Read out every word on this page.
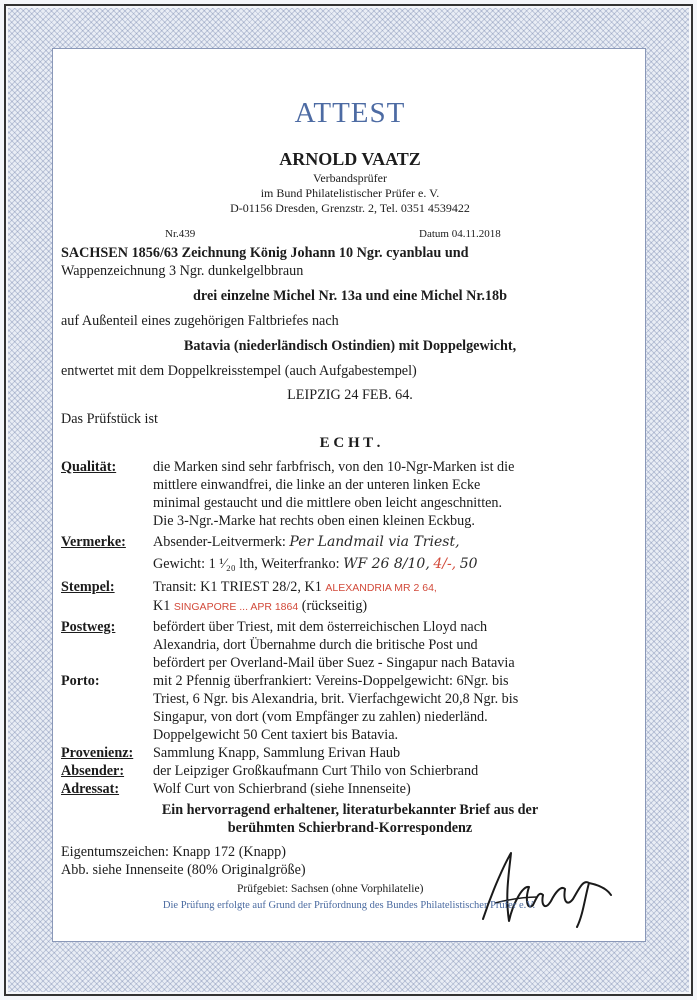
ATTEST
ARNOLD VAATZ
Verbandsprüfer
im Bund Philatelistischer Prüfer e. V.
D-01156 Dresden, Grenzstr. 2, Tel. 0351 4539422
Nr.439	Datum 04.11.2018
SACHSEN 1856/63 Zeichnung König Johann 10 Ngr. cyanblau und
Wappenzeichnung 3 Ngr. dunkelgelbbraun
drei einzelne Michel Nr. 13a und eine Michel Nr.18b
auf Außenteil eines zugehörigen Faltbriefes nach
Batavia (niederländisch Ostindien) mit Doppelgewicht,
entwertet mit dem Doppelkreisstempel (auch Aufgabestempel)
LEIPZIG 24 FEB. 64.
Das Prüfstück ist
E C H T .
Qualität:	die Marken sind sehr farbfrisch, von den 10-Ngr-Marken ist die
mittlere einwandfrei, die linke an der unteren linken Ecke
minimal gestaucht und die mittlere oben leicht angeschnitten.
Die 3-Ngr.-Marke hat rechts oben einen kleinen Eckbug.
Vermerke: Absender-Leitvermerk: Per Landmail via Triest,
Gewicht: 1 ¹⁄₂₀ lth, Weiterfranko: WF 26 8/10, 4/-, 50
Stempel:	Transit: K1 TRIEST 28/2, K1 ALEXANDRIA MR 2 64,
K1 SINGAPORE ... APR 1864 (rückseitig)
Postweg:	befördert über Triest, mit dem österreichischen Lloyd nach
Alexandria, dort Übernahme durch die britische Post und
befördert per Overland-Mail über Suez - Singapur nach Batavia
Porto:	mit 2 Pfennig überfrankiert: Vereins-Doppelgewicht: 6Ngr. bis
Triest, 6 Ngr. bis Alexandria, brit. Vierfachgewicht 20,8 Ngr. bis
Singapur, von dort (vom Empfänger zu zahlen) niederländ.
Doppelgewicht 50 Cent taxiert bis Batavia.
Provenienz: Sammlung Knapp, Sammlung Erivan Haub
Absender: der Leipziger Großkaufmann Curt Thilo von Schierbrand
Adressat: Wolf Curt von Schierbrand (siehe Innenseite)
Ein hervorragend erhaltener, literaturbekannter Brief aus der
berühmten Schierbrand-Korrespondenz
Eigentumszeichen: Knapp 172 (Knapp)
Abb. siehe Innenseite (80% Originalgröße)
Prüfgebiet: Sachsen (ohne Vorphilatelie)
Die Prüfung erfolgte auf Grund der Prüfordnung des Bundes Philatelistischer Prüfer e.V.
